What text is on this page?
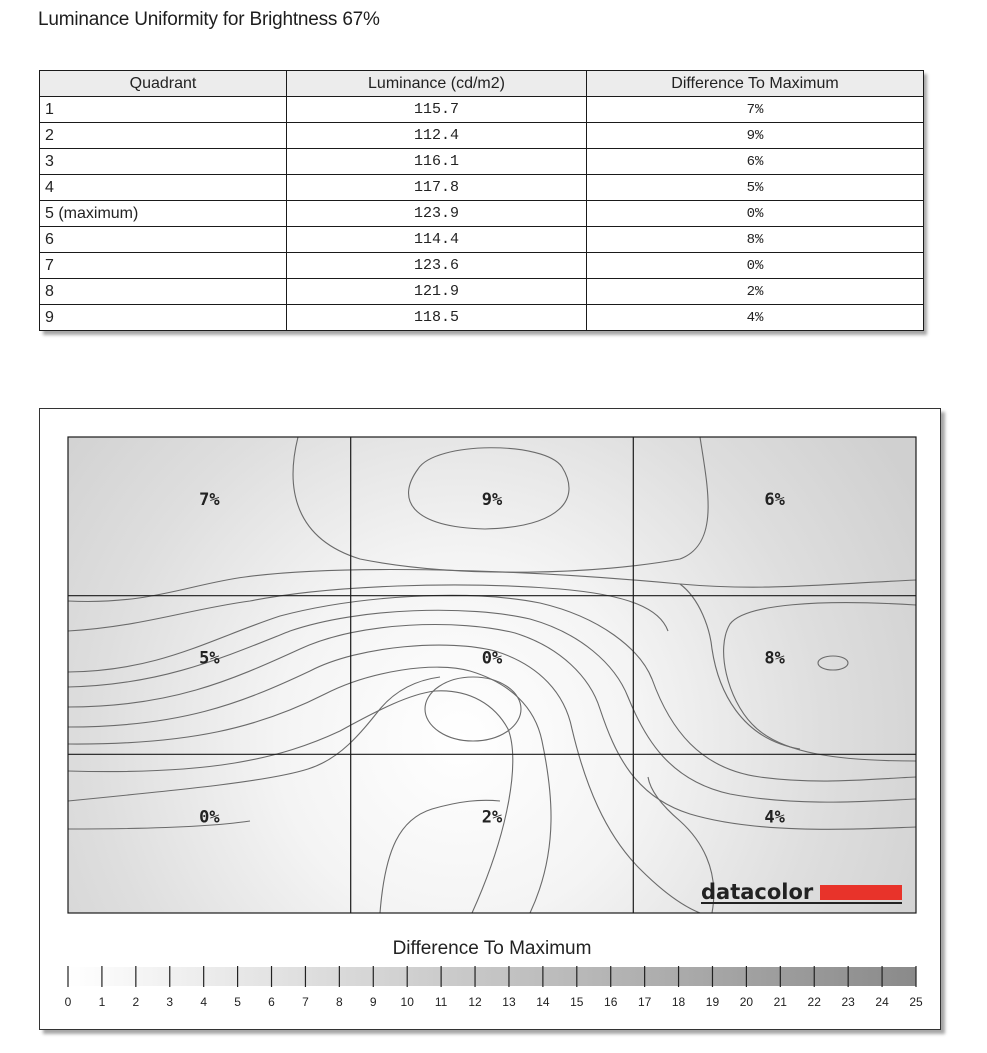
Luminance Uniformity for Brightness 67%
Quadrant	Luminance (cd/m2)	Difference To Maximum
1	115.7	7%
2	112.4	9%
3	116.1	6%
4	117.8	5%
5 (maximum)	123.9	0%
6	114.4	8%
7	123.6	0%
8	121.9	2%
9	118.5	4%
7%	9%	6%
5%	0%	8%
0%	2%	4%
datacolor
Difference To Maximum
0 1 2 3 4 5 6 7 8 9 10 11 12 13 14 15 16 17 18 19 20 21 22 23 24 25
